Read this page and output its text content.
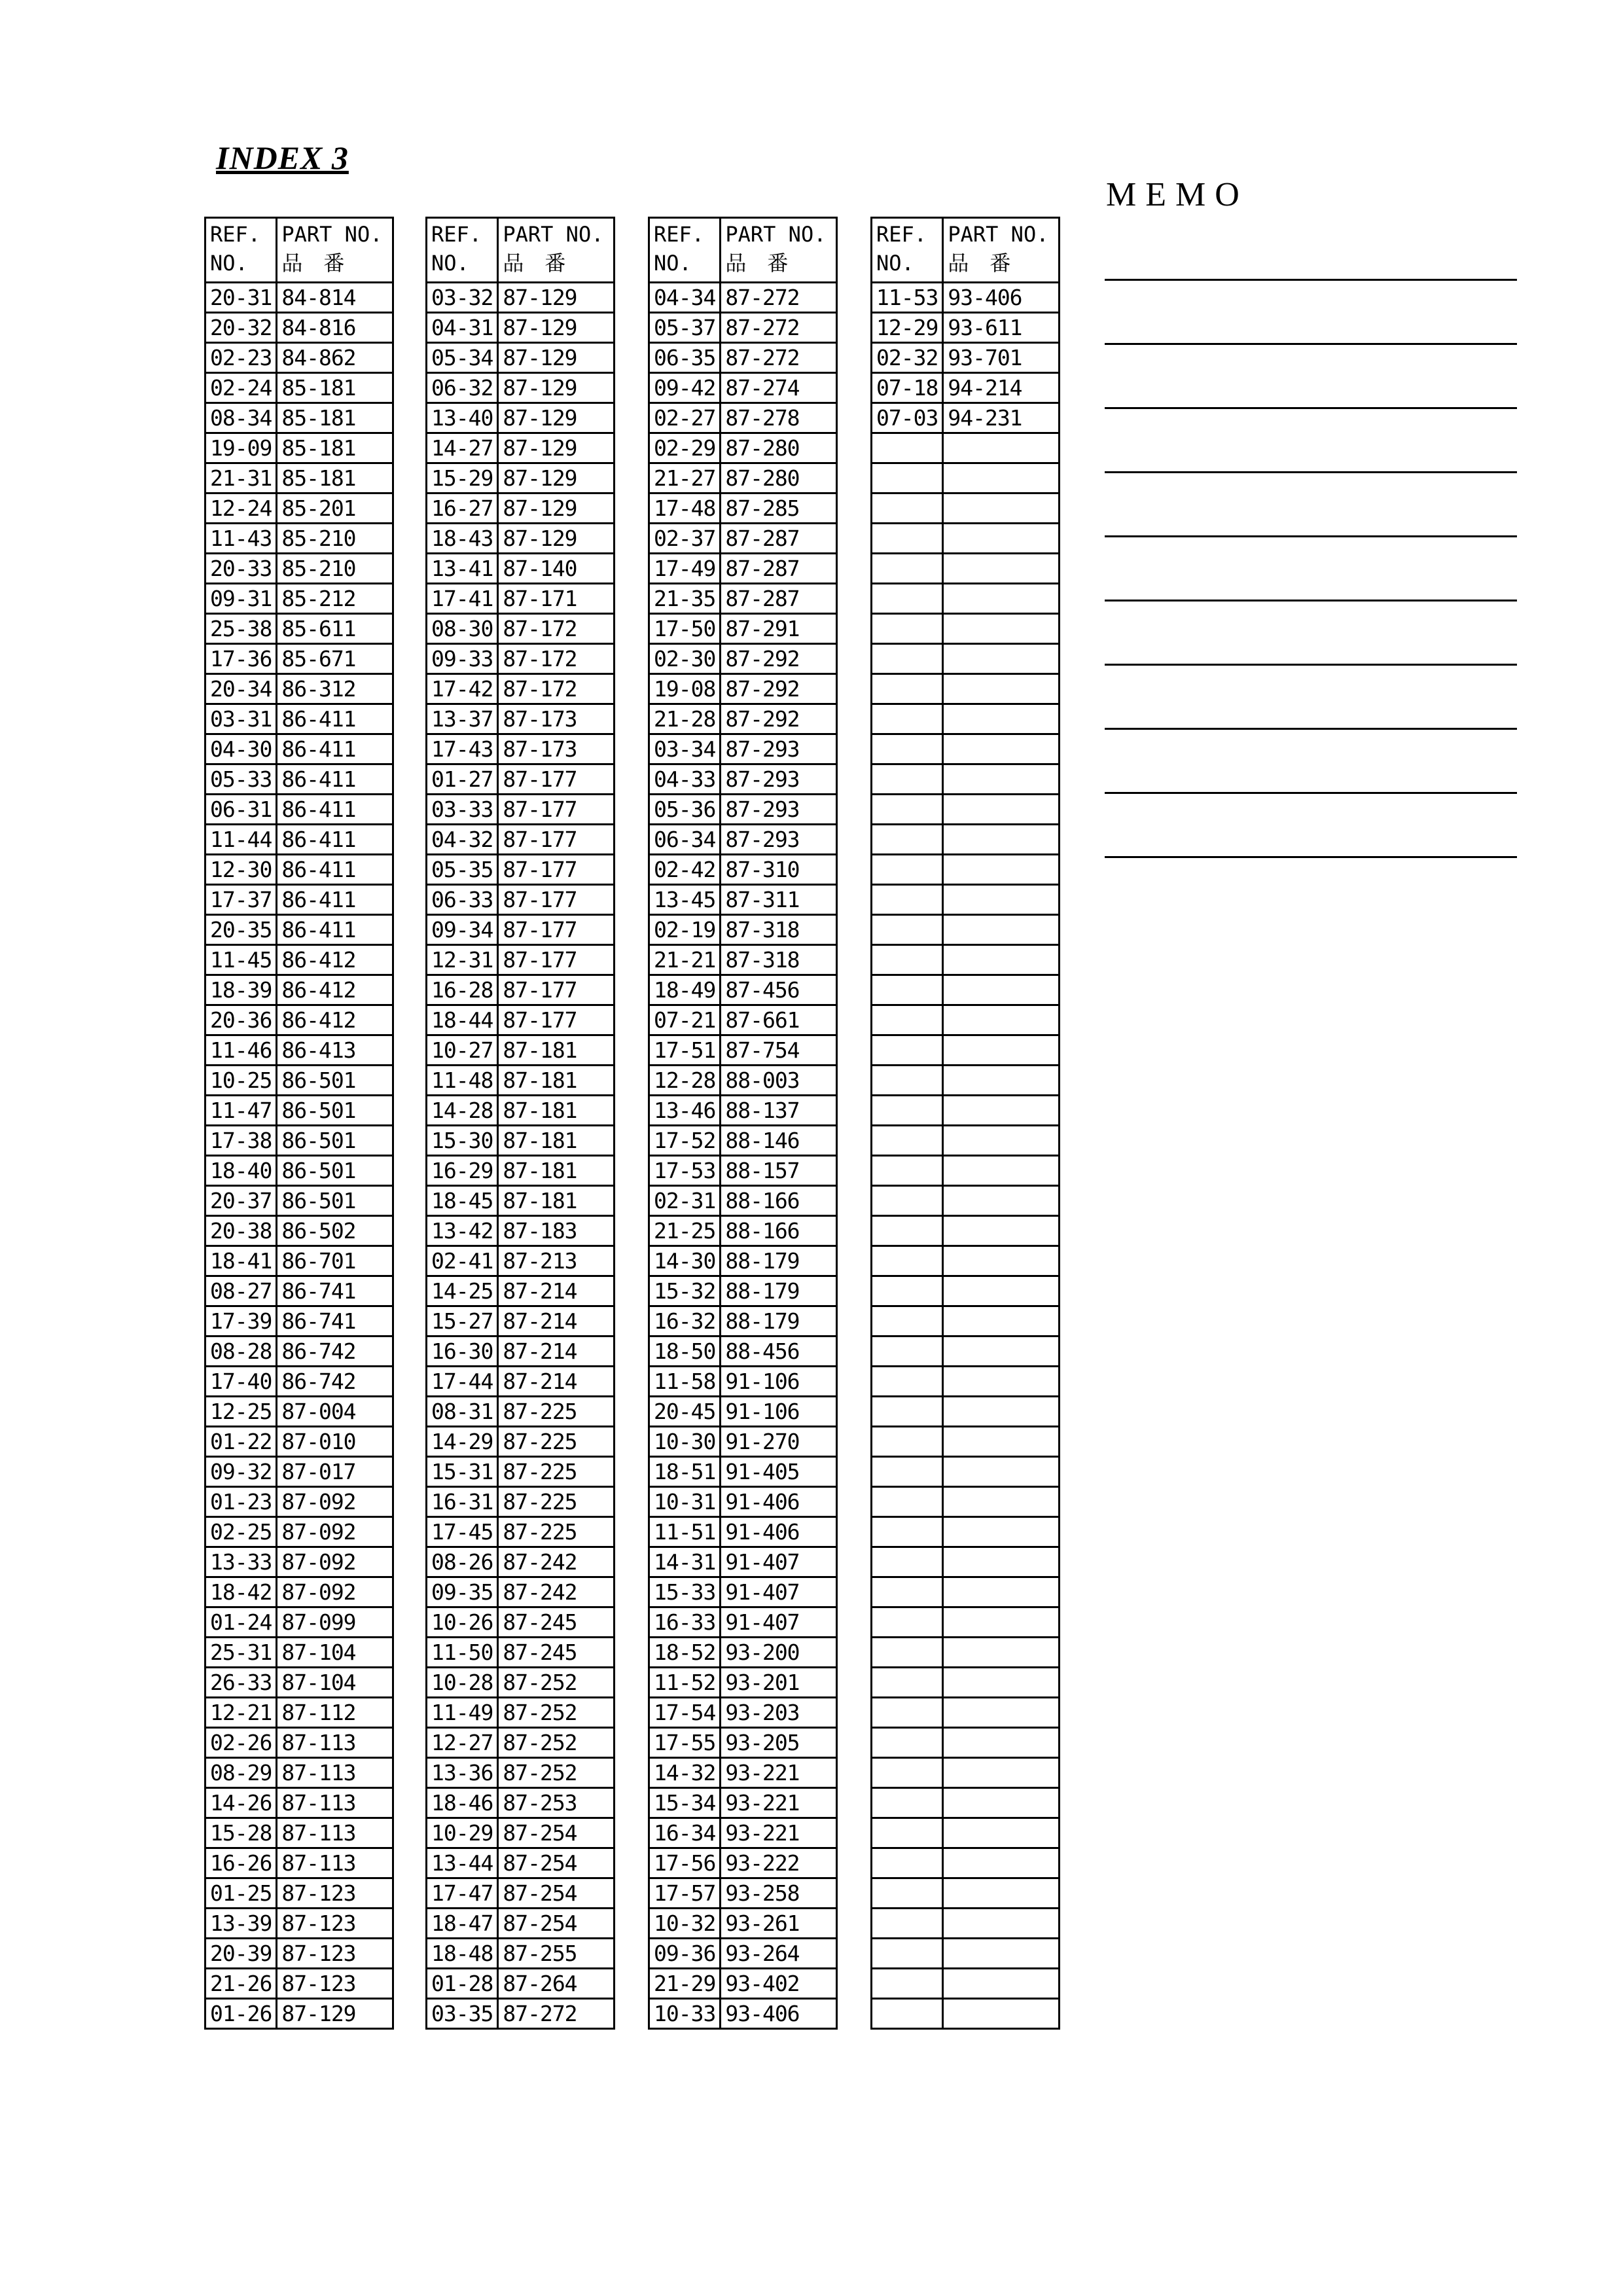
INDEX 3
MEMO
REF.
NO.	PART NO.
品　番

20-31	84-814
20-32	84-816
02-23	84-862
02-24	85-181
08-34	85-181
19-09	85-181
21-31	85-181
12-24	85-201
11-43	85-210
20-33	85-210
09-31	85-212
25-38	85-611
17-36	85-671
20-34	86-312
03-31	86-411
04-30	86-411
05-33	86-411
06-31	86-411
11-44	86-411
12-30	86-411
17-37	86-411
20-35	86-411
11-45	86-412
18-39	86-412
20-36	86-412
11-46	86-413
10-25	86-501
11-47	86-501
17-38	86-501
18-40	86-501
20-37	86-501
20-38	86-502
18-41	86-701
08-27	86-741
17-39	86-741
08-28	86-742
17-40	86-742
12-25	87-004
01-22	87-010
09-32	87-017
01-23	87-092
02-25	87-092
13-33	87-092
18-42	87-092
01-24	87-099
25-31	87-104
26-33	87-104
12-21	87-112
02-26	87-113
08-29	87-113
14-26	87-113
15-28	87-113
16-26	87-113
01-25	87-123
13-39	87-123
20-39	87-123
21-26	87-123
01-26	87-129
REF.
NO.	PART NO.
品　番

03-32	87-129
04-31	87-129
05-34	87-129
06-32	87-129
13-40	87-129
14-27	87-129
15-29	87-129
16-27	87-129
18-43	87-129
13-41	87-140
17-41	87-171
08-30	87-172
09-33	87-172
17-42	87-172
13-37	87-173
17-43	87-173
01-27	87-177
03-33	87-177
04-32	87-177
05-35	87-177
06-33	87-177
09-34	87-177
12-31	87-177
16-28	87-177
18-44	87-177
10-27	87-181
11-48	87-181
14-28	87-181
15-30	87-181
16-29	87-181
18-45	87-181
13-42	87-183
02-41	87-213
14-25	87-214
15-27	87-214
16-30	87-214
17-44	87-214
08-31	87-225
14-29	87-225
15-31	87-225
16-31	87-225
17-45	87-225
08-26	87-242
09-35	87-242
10-26	87-245
11-50	87-245
10-28	87-252
11-49	87-252
12-27	87-252
13-36	87-252
18-46	87-253
10-29	87-254
13-44	87-254
17-47	87-254
18-47	87-254
18-48	87-255
01-28	87-264
03-35	87-272
REF.
NO.	PART NO.
品　番

04-34	87-272
05-37	87-272
06-35	87-272
09-42	87-274
02-27	87-278
02-29	87-280
21-27	87-280
17-48	87-285
02-37	87-287
17-49	87-287
21-35	87-287
17-50	87-291
02-30	87-292
19-08	87-292
21-28	87-292
03-34	87-293
04-33	87-293
05-36	87-293
06-34	87-293
02-42	87-310
13-45	87-311
02-19	87-318
21-21	87-318
18-49	87-456
07-21	87-661
17-51	87-754
12-28	88-003
13-46	88-137
17-52	88-146
17-53	88-157
02-31	88-166
21-25	88-166
14-30	88-179
15-32	88-179
16-32	88-179
18-50	88-456
11-58	91-106
20-45	91-106
10-30	91-270
18-51	91-405
10-31	91-406
11-51	91-406
14-31	91-407
15-33	91-407
16-33	91-407
18-52	93-200
11-52	93-201
17-54	93-203
17-55	93-205
14-32	93-221
15-34	93-221
16-34	93-221
17-56	93-222
17-57	93-258
10-32	93-261
09-36	93-264
21-29	93-402
10-33	93-406
REF.
NO.	PART NO.
品　番

11-53	93-406
12-29	93-611
02-32	93-701
07-18	94-214
07-03	94-231
